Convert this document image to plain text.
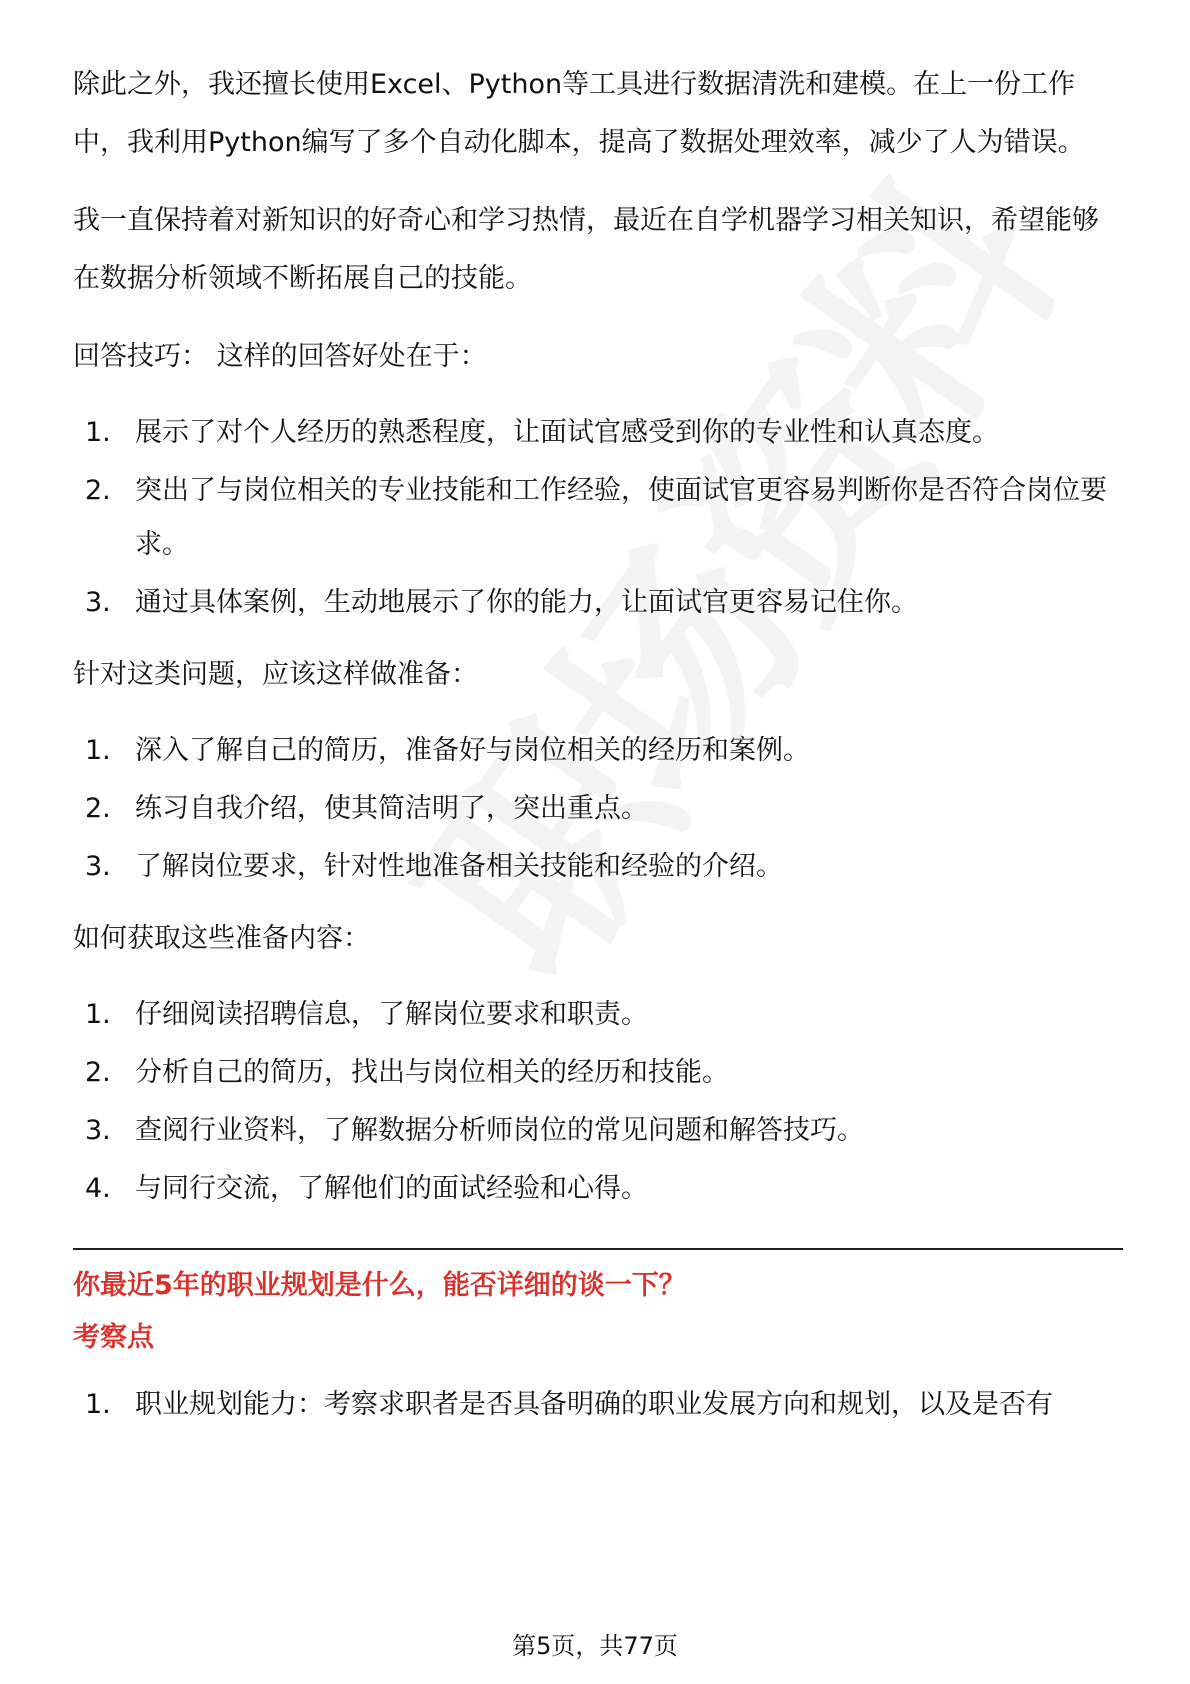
除此之外，我还擅长使用Excel、Python等工具进行数据清洗和建模。在上一份工作中，我利用Python编写了多个自动化脚本，提高了数据处理效率，减少了人为错误。

我一直保持着对新知识的好奇心和学习热情，最近在自学机器学习相关知识，希望能够在数据分析领域不断拓展自己的技能。

回答技巧： 这样的回答好处在于：

1. 展示了对个人经历的熟悉程度，让面试官感受到你的专业性和认真态度。
2. 突出了与岗位相关的专业技能和工作经验，使面试官更容易判断你是否符合岗位要求。
3. 通过具体案例，生动地展示了你的能力，让面试官更容易记住你。

针对这类问题，应该这样做准备：

1. 深入了解自己的简历，准备好与岗位相关的经历和案例。
2. 练习自我介绍，使其简洁明了，突出重点。
3. 了解岗位要求，针对性地准备相关技能和经验的介绍。

如何获取这些准备内容：

1. 仔细阅读招聘信息，了解岗位要求和职责。
2. 分析自己的简历，找出与岗位相关的经历和技能。
3. 查阅行业资料，了解数据分析师岗位的常见问题和解答技巧。
4. 与同行交流，了解他们的面试经验和心得。

你最近5年的职业规划是什么，能否详细的谈一下？

考察点

1. 职业规划能力：考察求职者是否具备明确的职业发展方向和规划，以及是否有
第5页，共77页
